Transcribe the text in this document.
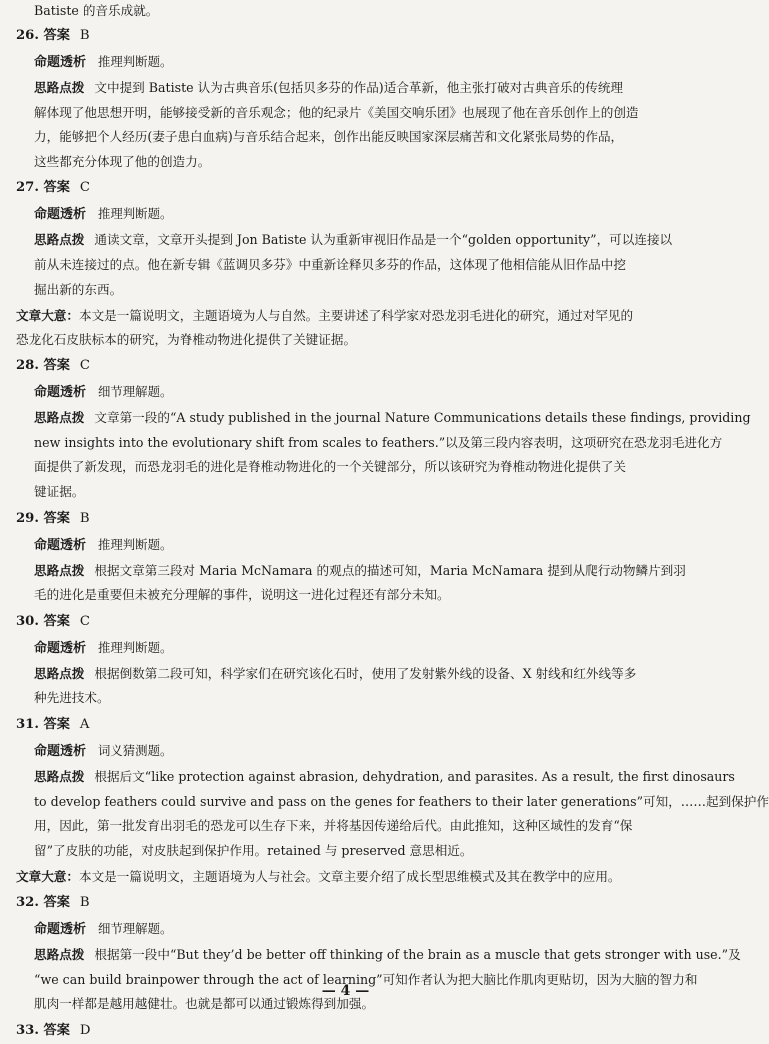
Batiste 的音乐成就。
26. 答案 B
命题透析 推理判断题。
思路点拨 文中提到 Batiste 认为古典音乐(包括贝多芬的作品)适合革新，他主张打破对古典音乐的传统理
解体现了他思想开明，能够接受新的音乐观念；他的纪录片《美国交响乐团》也展现了他在音乐创作上的创造
力，能够把个人经历(妻子患白血病)与音乐结合起来，创作出能反映国家深层痛苦和文化紧张局势的作品，
这些都充分体现了他的创造力。
27. 答案 C
命题透析 推理判断题。
思路点拨 通读文章，文章开头提到 Jon Batiste 认为重新审视旧作品是一个“golden opportunity”，可以连接以
前从未连接过的点。他在新专辑《蓝调贝多芬》中重新诠释贝多芬的作品，这体现了他相信能从旧作品中挖
掘出新的东西。
文章大意：本文是一篇说明文，主题语境为人与自然。主要讲述了科学家对恐龙羽毛进化的研究，通过对罕见的
恐龙化石皮肤标本的研究，为脊椎动物进化提供了关键证据。
28. 答案 C
命题透析 细节理解题。
思路点拨 文章第一段的“A study published in the journal Nature Communications details these findings, providing
new insights into the evolutionary shift from scales to feathers.”以及第三段内容表明，这项研究在恐龙羽毛进化方
面提供了新发现，而恐龙羽毛的进化是脊椎动物进化的一个关键部分，所以该研究为脊椎动物进化提供了关
键证据。
29. 答案 B
命题透析 推理判断题。
思路点拨 根据文章第三段对 Maria McNamara 的观点的描述可知，Maria McNamara 提到从爬行动物鳞片到羽
毛的进化是重要但未被充分理解的事件，说明这一进化过程还有部分未知。
30. 答案 C
命题透析 推理判断题。
思路点拨 根据倒数第二段可知，科学家们在研究该化石时，使用了发射紫外线的设备、X 射线和红外线等多
种先进技术。
31. 答案 A
命题透析 词义猜测题。
思路点拨 根据后文“like protection against abrasion, dehydration, and parasites. As a result, the first dinosaurs
to develop feathers could survive and pass on the genes for feathers to their later generations”可知，……起到保护作
用，因此，第一批发育出羽毛的恐龙可以生存下来，并将基因传递给后代。由此推知，这种区域性的发育“保
留”了皮肤的功能，对皮肤起到保护作用。retained 与 preserved 意思相近。
文章大意：本文是一篇说明文，主题语境为人与社会。文章主要介绍了成长型思维模式及其在教学中的应用。
32. 答案 B
命题透析 细节理解题。
思路点拨 根据第一段中“But they’d be better off thinking of the brain as a muscle that gets stronger with use.”及
“we can build brainpower through the act of learning”可知作者认为把大脑比作肌肉更贴切，因为大脑的智力和
肌肉一样都是越用越健壮。也就是都可以通过锻炼得到加强。
33. 答案 D
— 4 —
